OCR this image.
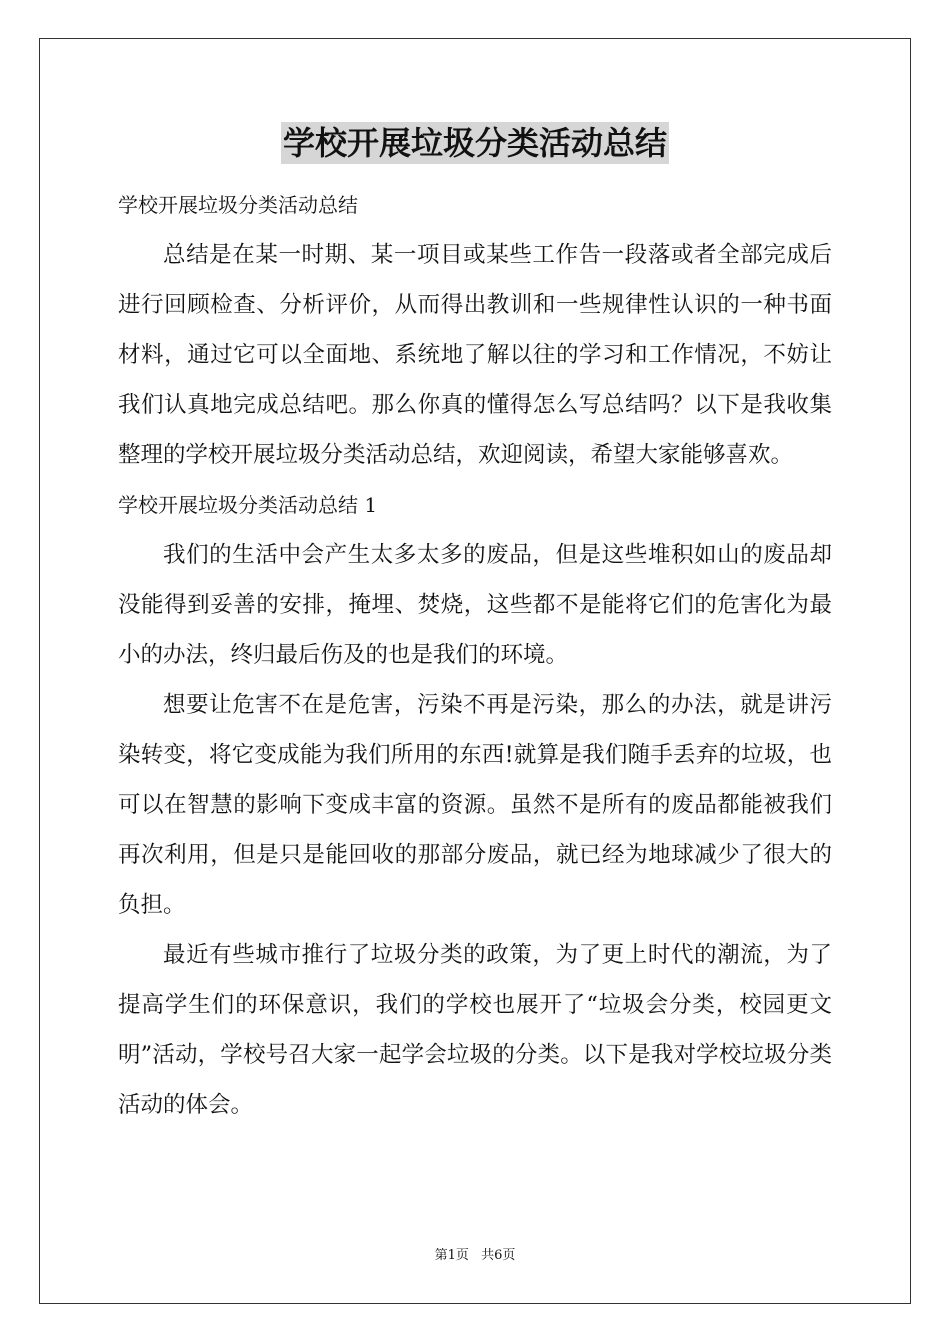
学校开展垃圾分类活动总结
学校开展垃圾分类活动总结

总结是在某一时期、某一项目或某些工作告一段落或者全部完成后进行回顾检查、分析评价，从而得出教训和一些规律性认识的一种书面材料，通过它可以全面地、系统地了解以往的学习和工作情况，不妨让我们认真地完成总结吧。那么你真的懂得怎么写总结吗？以下是我收集整理的学校开展垃圾分类活动总结，欢迎阅读，希望大家能够喜欢。

学校开展垃圾分类活动总结 1

我们的生活中会产生太多太多的废品，但是这些堆积如山的废品却没能得到妥善的安排，掩埋、焚烧，这些都不是能将它们的危害化为最小的办法，终归最后伤及的也是我们的环境。

想要让危害不在是危害，污染不再是污染，那么的办法，就是讲污染转变，将它变成能为我们所用的东西!就算是我们随手丢弃的垃圾，也可以在智慧的影响下变成丰富的资源。虽然不是所有的废品都能被我们再次利用，但是只是能回收的那部分废品，就已经为地球减少了很大的负担。

最近有些城市推行了垃圾分类的政策，为了更上时代的潮流，为了提高学生们的环保意识，我们的学校也展开了“垃圾会分类，校园更文明”活动，学校号召大家一起学会垃圾的分类。以下是我对学校垃圾分类活动的体会。

第1页 共6页
